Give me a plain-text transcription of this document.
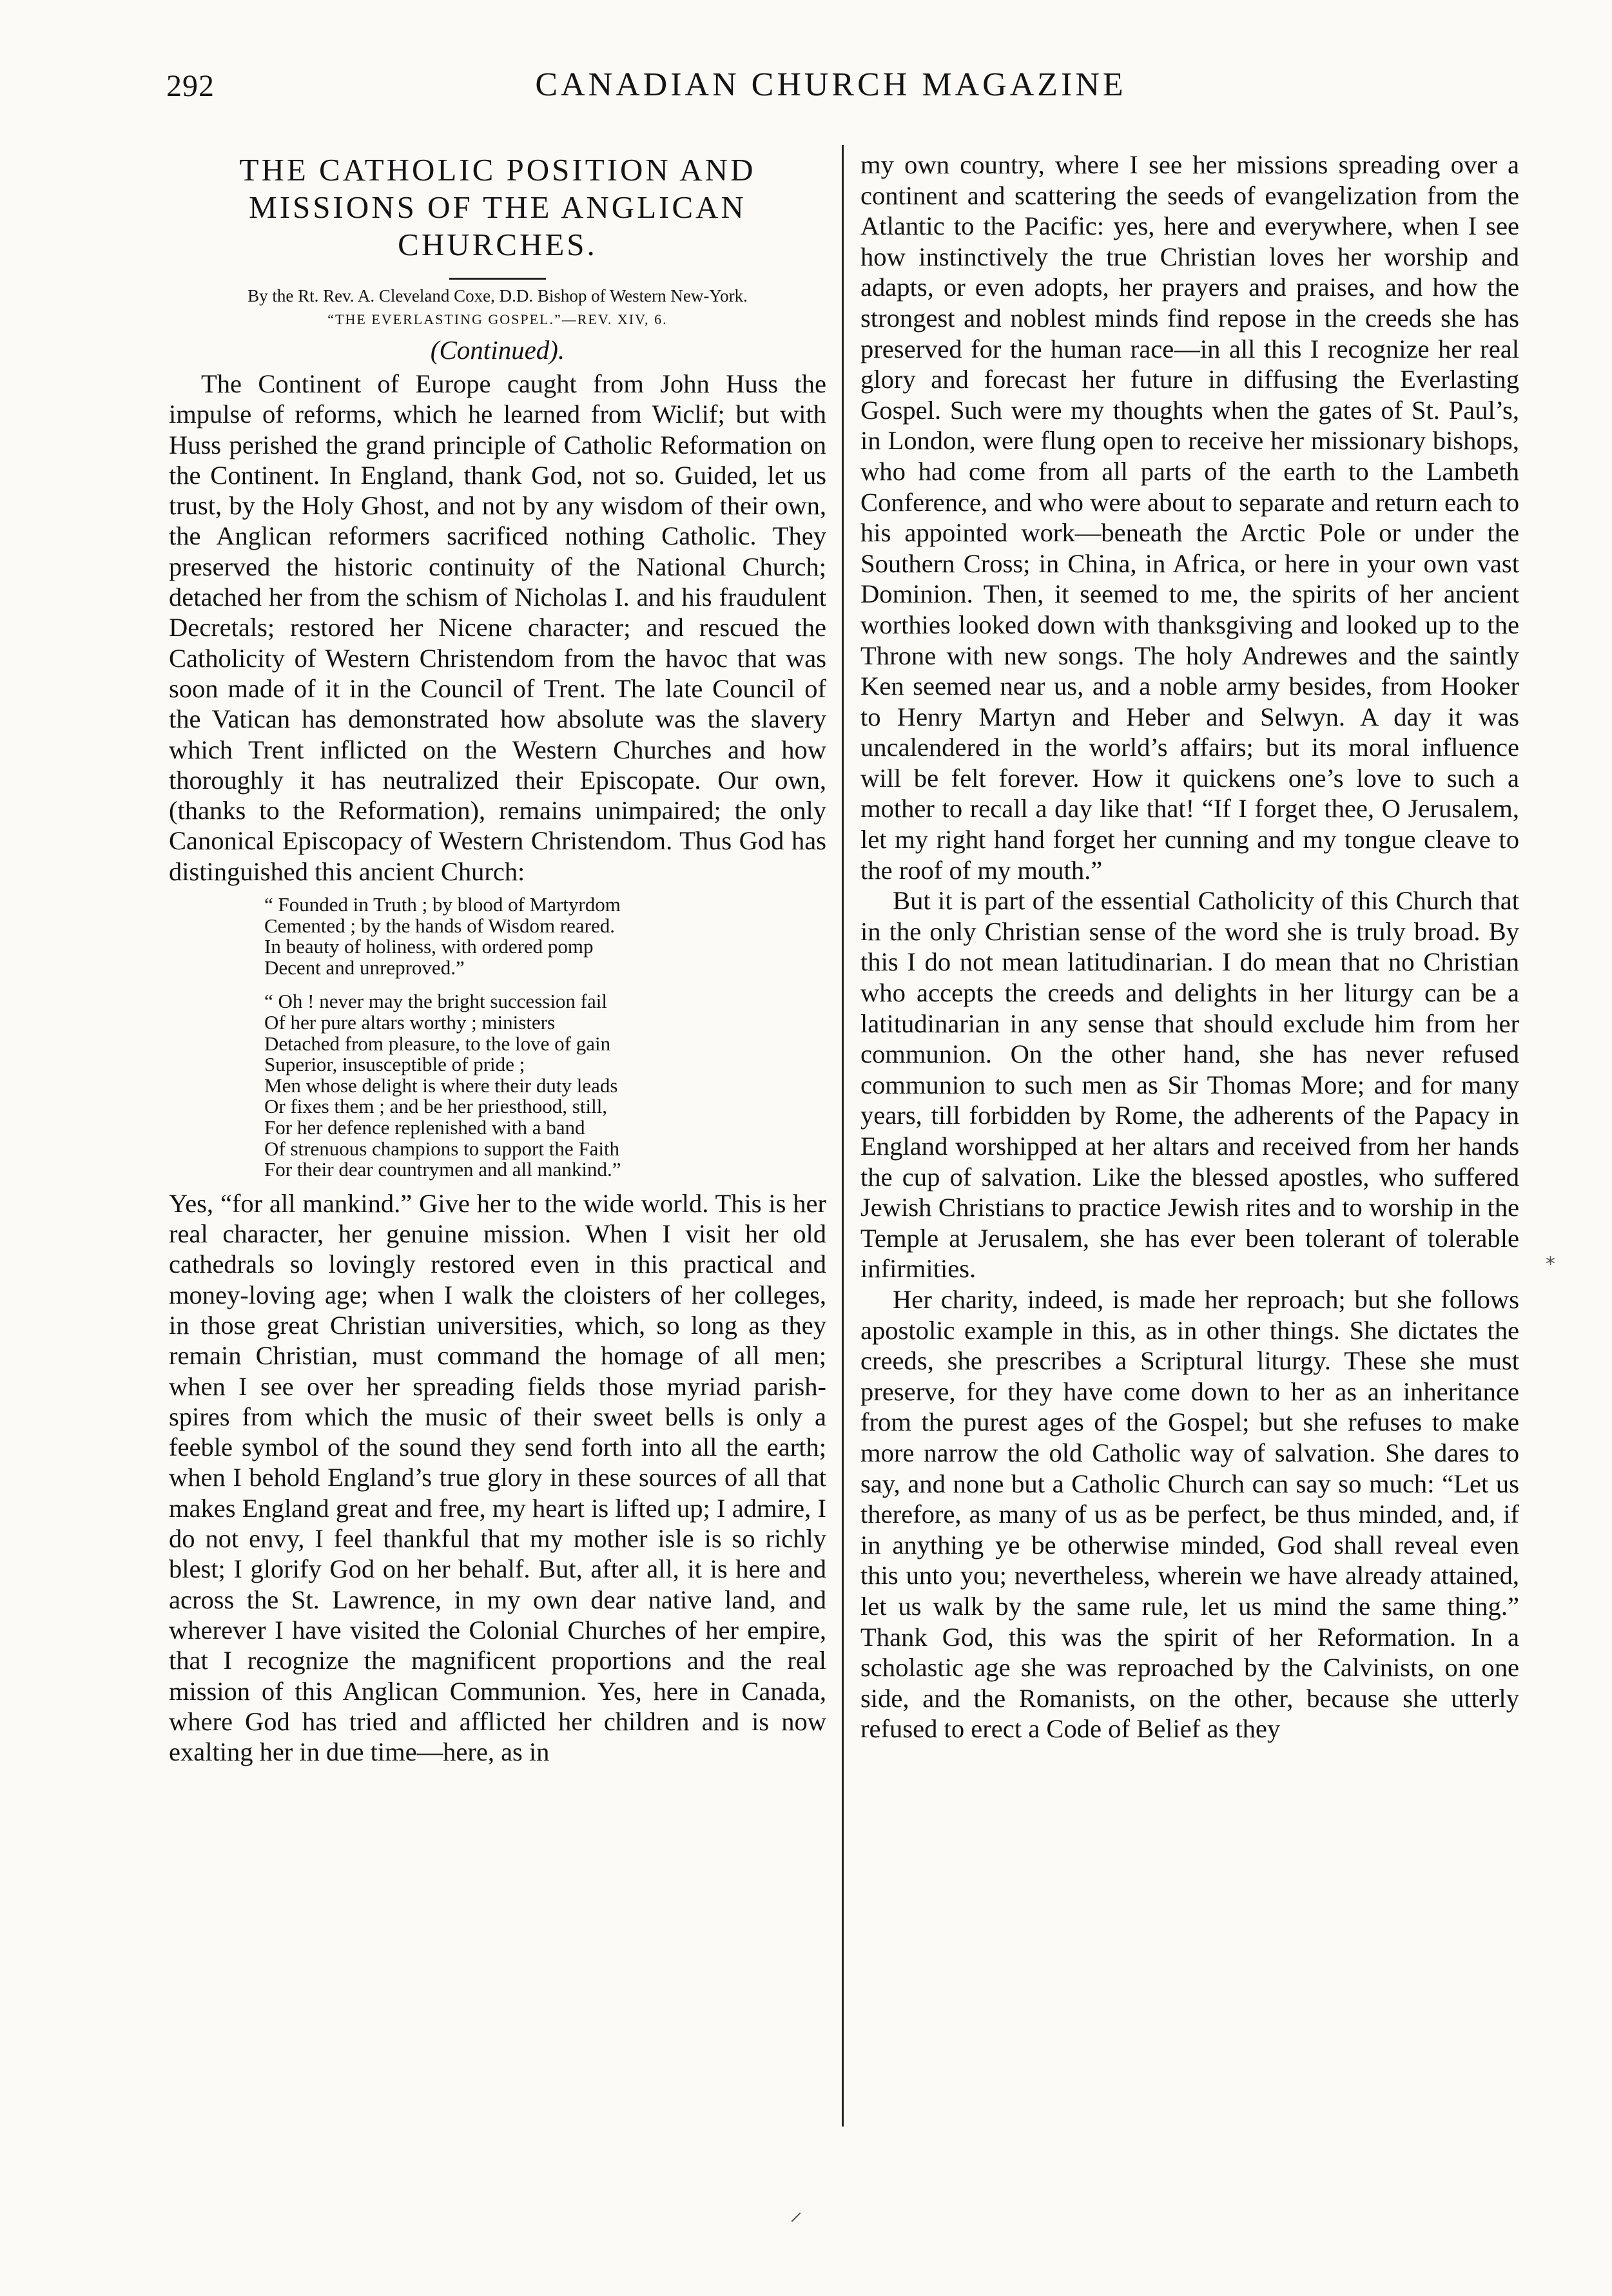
292	CANADIAN CHURCH MAGAZINE
THE CATHOLIC POSITION AND MISSIONS OF THE ANGLICAN CHURCHES.
By the Rt. Rev. A. Cleveland Coxe, D.D. Bishop of Western New-York.
“THE EVERLASTING GOSPEL.”—REV. XIV, 6.
(Continued).

The Continent of Europe caught from John Huss the impulse of reforms, which he learned from Wiclif; but with Huss perished the grand principle of Catholic Reformation on the Continent. In England, thank God, not so. Guided, let us trust, by the Holy Ghost, and not by any wisdom of their own, the Anglican reformers sacrificed nothing Catholic. They preserved the historic continuity of the National Church; detached her from the schism of Nicholas I. and his fraudulent Decretals; restored her Nicene character; and rescued the Catholicity of Western Christendom from the havoc that was soon made of it in the Council of Trent. The late Council of the Vatican has demonstrated how absolute was the slavery which Trent inflicted on the Western Churches and how thoroughly it has neutralized their Episcopate. Our own, (thanks to the Reformation), remains unimpaired; the only Canonical Episcopacy of Western Christendom. Thus God has distinguished this ancient Church:

“ Founded in Truth ; by blood of Martyrdom
Cemented ; by the hands of Wisdom reared.
In beauty of holiness, with ordered pomp
Decent and unreproved.”
“ Oh ! never may the bright succession fail
Of her pure altars worthy ; ministers
Detached from pleasure, to the love of gain
Superior, insusceptible of pride ;
Men whose delight is where their duty leads
Or fixes them ; and be her priesthood, still,
For her defence replenished with a band
Of strenuous champions to support the Faith
For their dear countrymen and all mankind.”

Yes, “for all mankind.” Give her to the wide world. This is her real character, her genuine mission. When I visit her old cathedrals so lovingly restored even in this practical and money-loving age; when I walk the cloisters of her colleges, in those great Christian universities, which, so long as they remain Christian, must command the homage of all men; when I see over her spreading fields those myriad parish-spires from which the music of their sweet bells is only a feeble symbol of the sound they send forth into all the earth; when I behold England’s true glory in these sources of all that makes England great and free, my heart is lifted up; I admire, I do not envy, I feel thankful that my mother isle is so richly blest; I glorify God on her behalf. But, after all, it is here and across the St. Lawrence, in my own dear native land, and wherever I have visited the Colonial Churches of her empire, that I recognize the magnificent proportions and the real mission of this Anglican Communion. Yes, here in Canada, where God has tried and afflicted her children and is now exalting her in due time—here, as in

my own country, where I see her missions spreading over a continent and scattering the seeds of evangelization from the Atlantic to the Pacific: yes, here and everywhere, when I see how instinctively the true Christian loves her worship and adapts, or even adopts, her prayers and praises, and how the strongest and noblest minds find repose in the creeds she has preserved for the human race—in all this I recognize her real glory and forecast her future in diffusing the Everlasting Gospel. Such were my thoughts when the gates of St. Paul’s, in London, were flung open to receive her missionary bishops, who had come from all parts of the earth to the Lambeth Conference, and who were about to separate and return each to his appointed work—beneath the Arctic Pole or under the Southern Cross; in China, in Africa, or here in your own vast Dominion. Then, it seemed to me, the spirits of her ancient worthies looked down with thanksgiving and looked up to the Throne with new songs. The holy Andrewes and the saintly Ken seemed near us, and a noble army besides, from Hooker to Henry Martyn and Heber and Selwyn. A day it was uncalendered in the world’s affairs; but its moral influence will be felt forever. How it quickens one’s love to such a mother to recall a day like that! “If I forget thee, O Jerusalem, let my right hand forget her cunning and my tongue cleave to the roof of my mouth.”

But it is part of the essential Catholicity of this Church that in the only Christian sense of the word she is truly broad. By this I do not mean latitudinarian. I do mean that no Christian who accepts the creeds and delights in her liturgy can be a latitudinarian in any sense that should exclude him from her communion. On the other hand, she has never refused communion to such men as Sir Thomas More; and for many years, till forbidden by Rome, the adherents of the Papacy in England worshipped at her altars and received from her hands the cup of salvation. Like the blessed apostles, who suffered Jewish Christians to practice Jewish rites and to worship in the Temple at Jerusalem, she has ever been tolerant of tolerable infirmities.

Her charity, indeed, is made her reproach; but she follows apostolic example in this, as in other things. She dictates the creeds, she prescribes a Scriptural liturgy. These she must preserve, for they have come down to her as an inheritance from the purest ages of the Gospel; but she refuses to make more narrow the old Catholic way of salvation. She dares to say, and none but a Catholic Church can say so much: “Let us therefore, as many of us as be perfect, be thus minded, and, if in anything ye be otherwise minded, God shall reveal even this unto you; nevertheless, wherein we have already attained, let us walk by the same rule, let us mind the same thing.” Thank God, this was the spirit of her Reformation. In a scholastic age she was reproached by the Calvinists, on one side, and the Romanists, on the other, because she utterly refused to erect a Code of Belief as they

⁎
⸝
